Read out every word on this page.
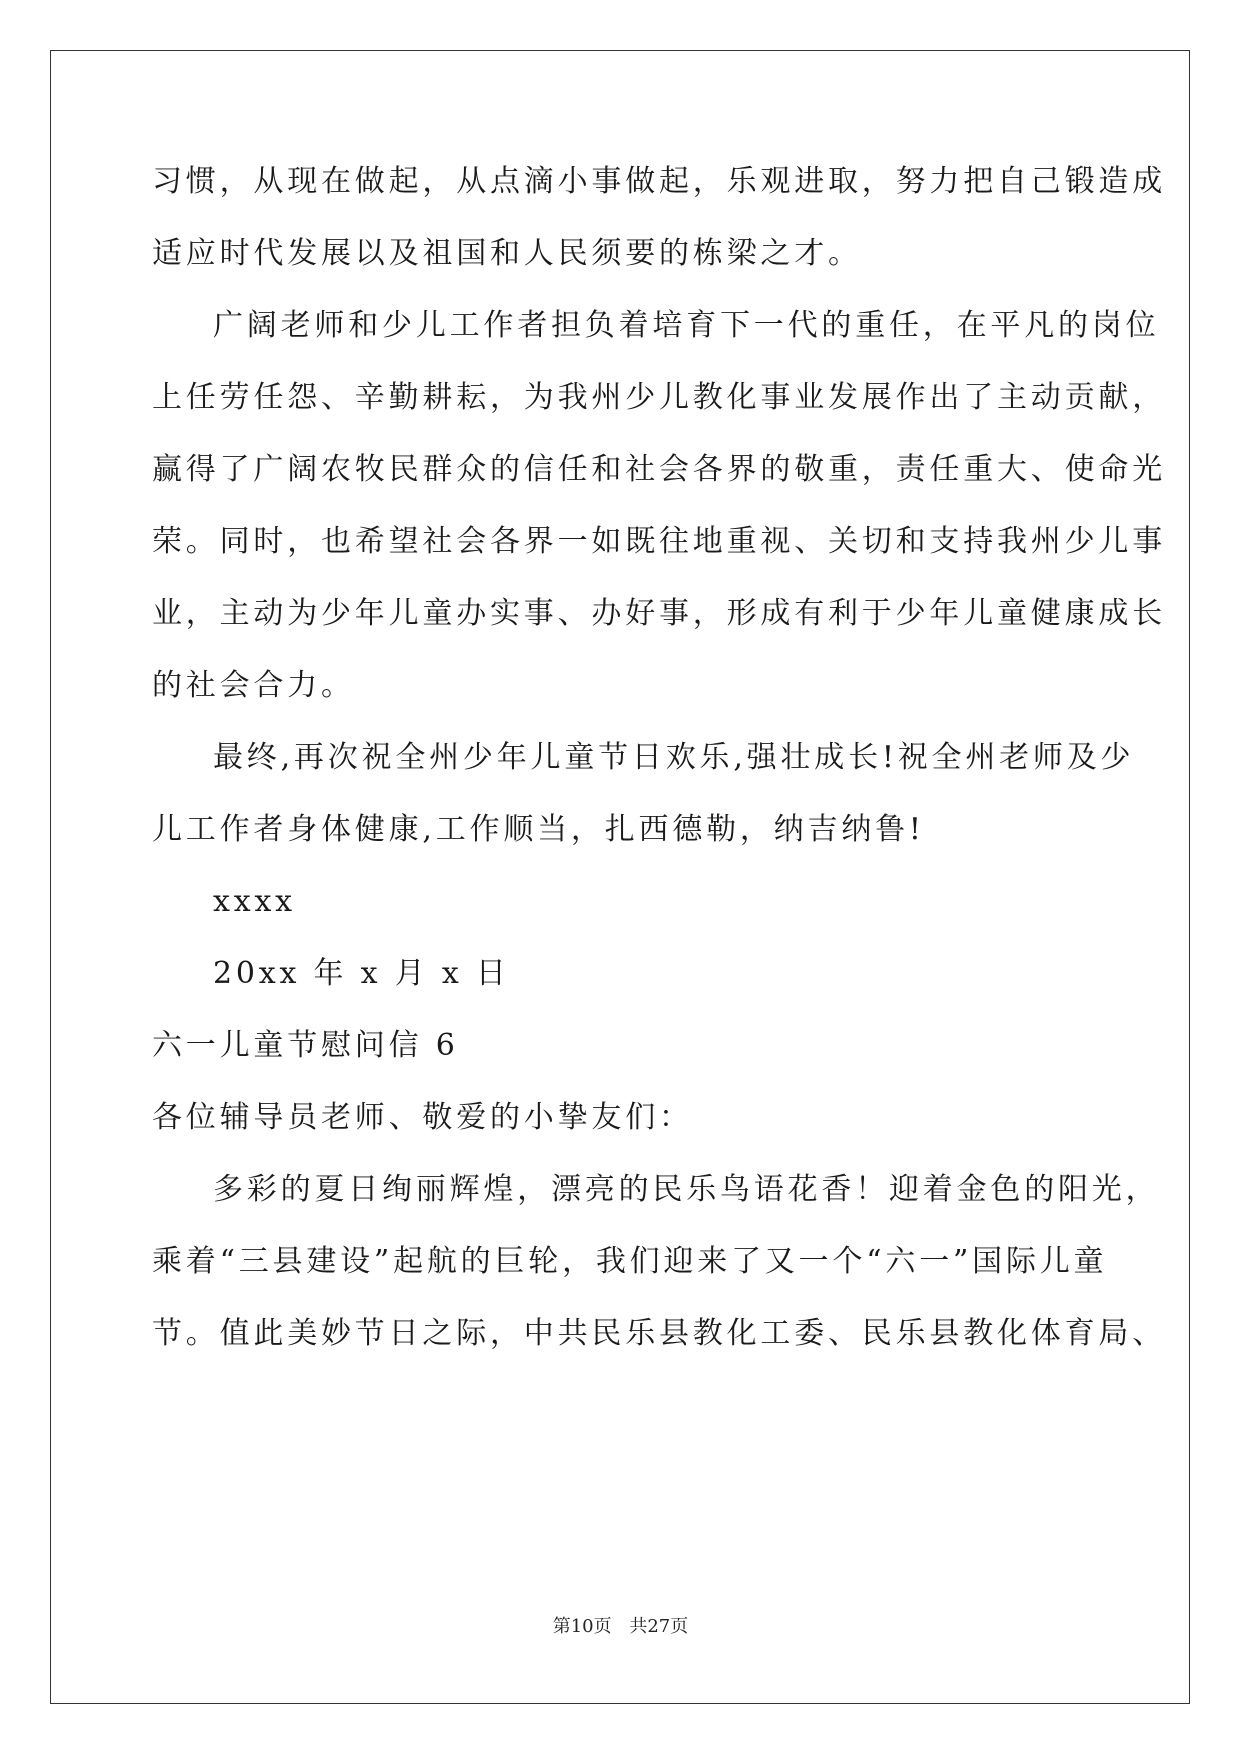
习惯，从现在做起，从点滴小事做起，乐观进取，努力把自己锻造成
适应时代发展以及祖国和人民须要的栋梁之才。
广阔老师和少儿工作者担负着培育下一代的重任，在平凡的岗位
上任劳任怨、辛勤耕耘，为我州少儿教化事业发展作出了主动贡献，
赢得了广阔农牧民群众的信任和社会各界的敬重，责任重大、使命光
荣。同时，也希望社会各界一如既往地重视、关切和支持我州少儿事
业，主动为少年儿童办实事、办好事，形成有利于少年儿童健康成长
的社会合力。
最终,再次祝全州少年儿童节日欢乐,强壮成长!祝全州老师及少
儿工作者身体健康,工作顺当，扎西德勒，纳吉纳鲁!
xxxx
20xx 年 x 月 x 日
六一儿童节慰问信 6
各位辅导员老师、敬爱的小挚友们：
多彩的夏日绚丽辉煌，漂亮的民乐鸟语花香！迎着金色的阳光，
乘着“三县建设”起航的巨轮，我们迎来了又一个“六一”国际儿童
节。值此美妙节日之际，中共民乐县教化工委、民乐县教化体育局、
第10页 共27页
